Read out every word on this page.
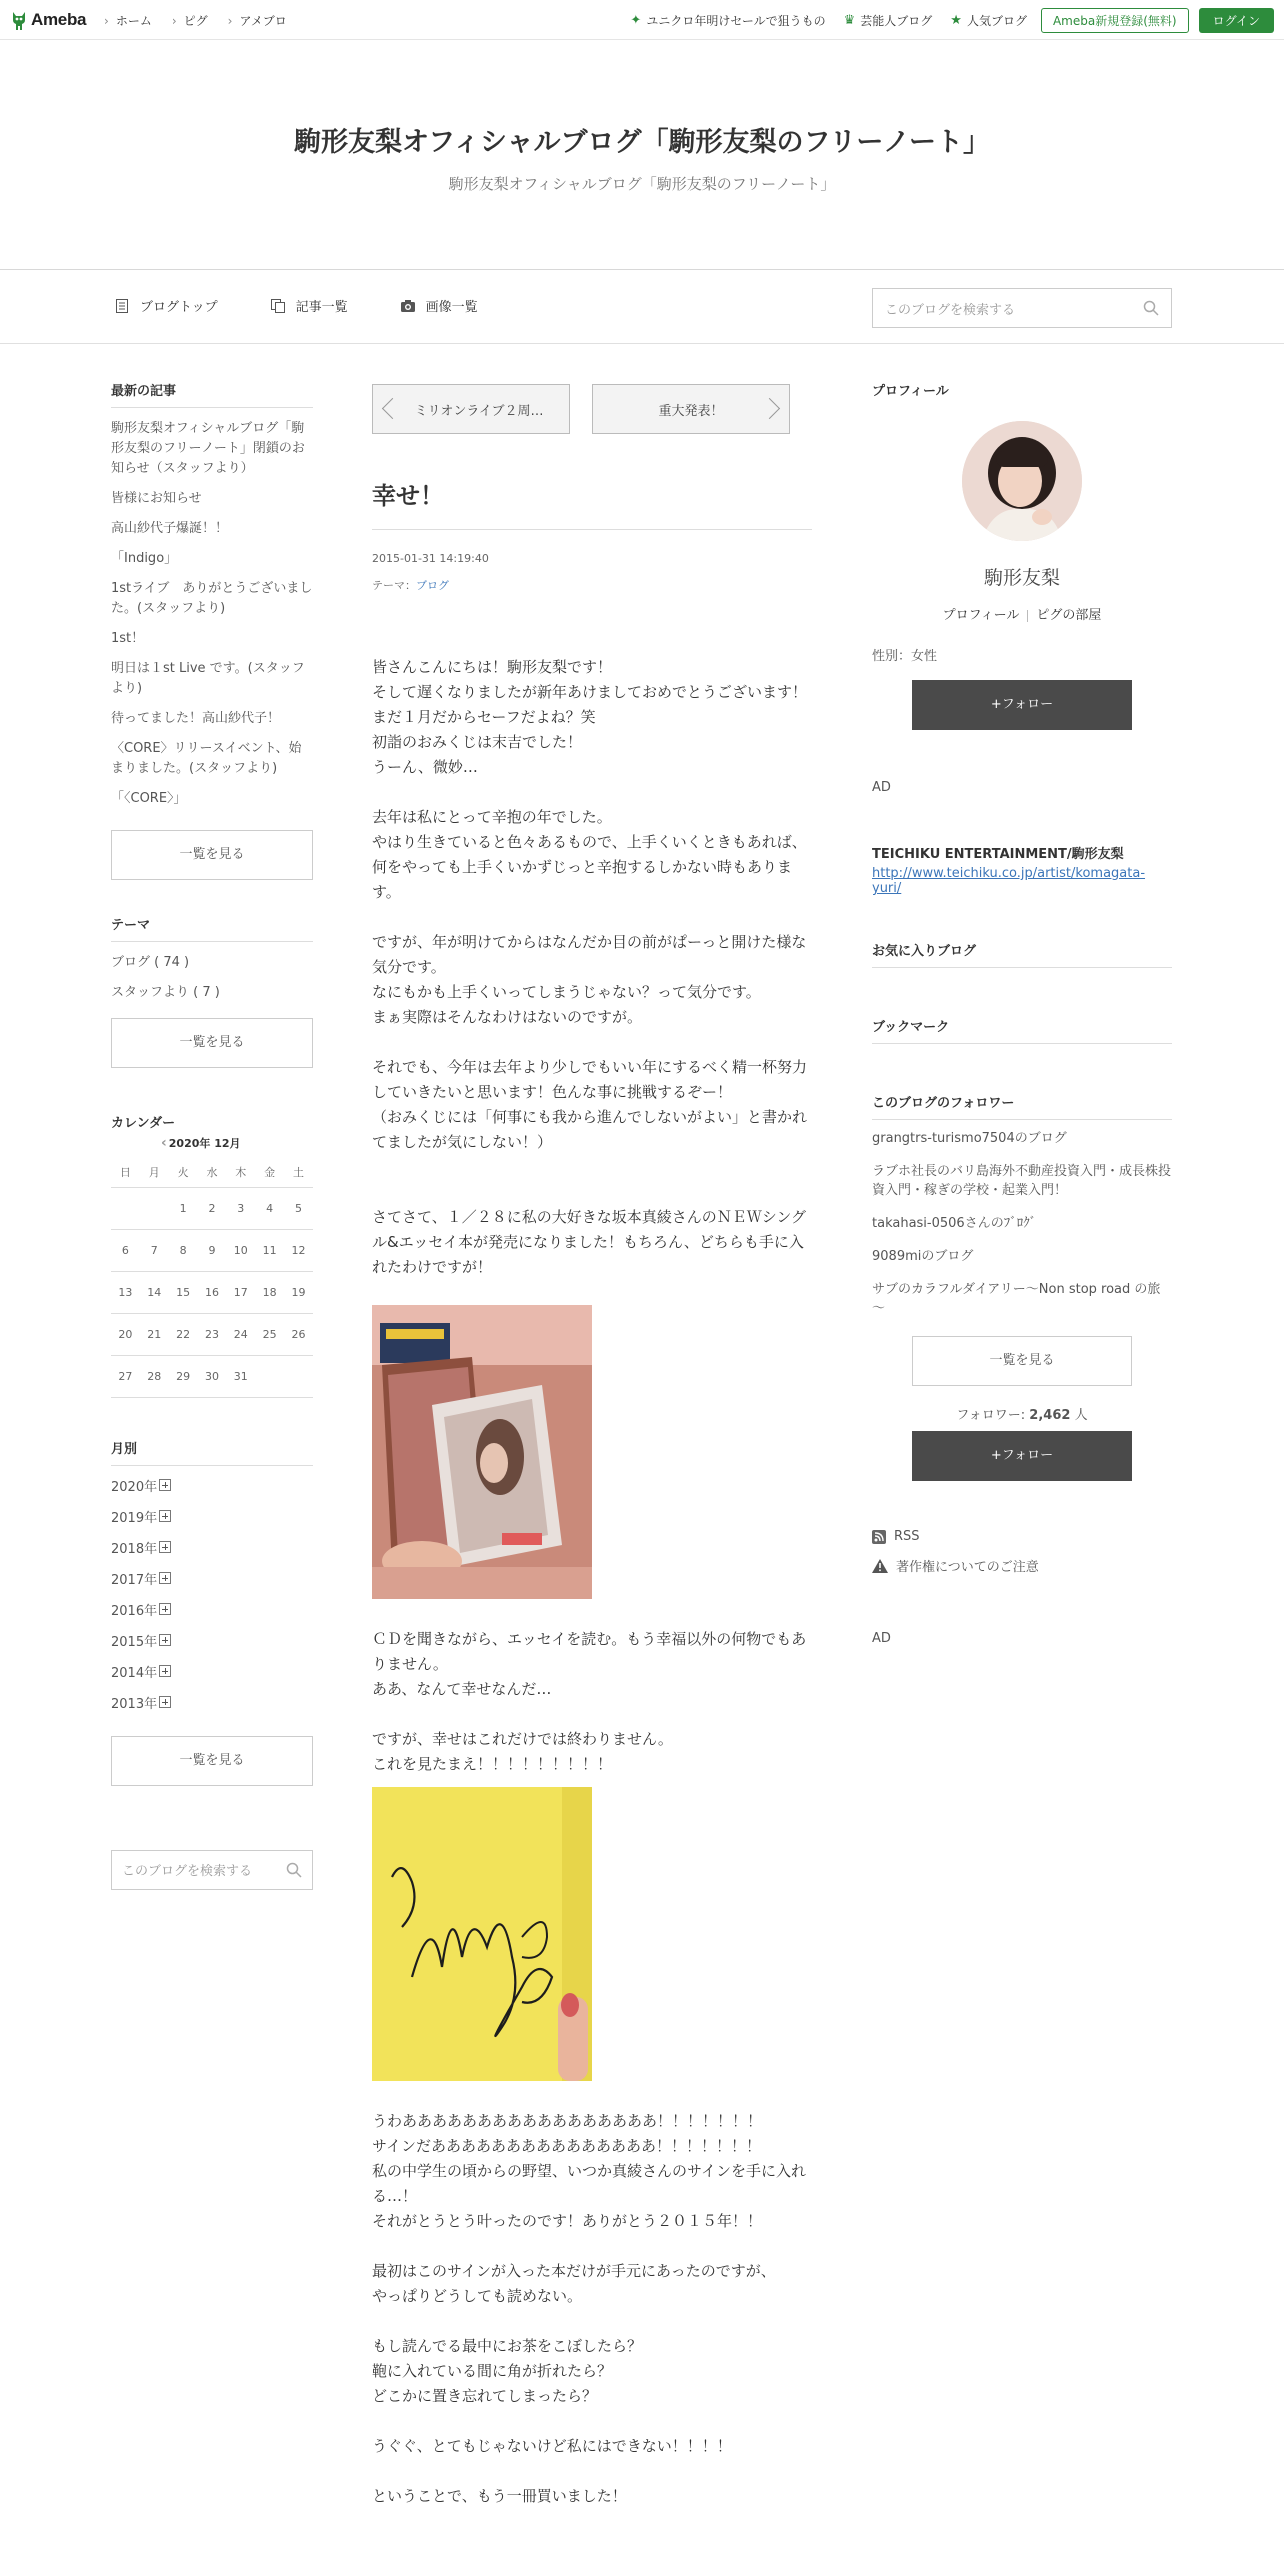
Ameba	› ホーム	› ピグ	› アメブロ	✦ ユニクロ年明けセールで狙うもの ♛ 芸能人ブログ ★ 人気ブログ	Ameba新規登録(無料)	ログイン
駒形友梨オフィシャルブログ「駒形友梨のフリーノート」
駒形友梨オフィシャルブログ「駒形友梨のフリーノート」
ブログトップ	記事一覧	画像一覧	このブログを検索する
最新の記事
駒形友梨オフィシャルブログ「駒形友梨のフリーノート」閉鎖のお知らせ（スタッフより）
皆様にお知らせ
高山紗代子爆誕！！
「Indigo」
1stライブ　ありがとうございました。(スタッフより)
1st！
明日は１st Live です。(スタッフより)
待ってました！高山紗代子！
〈CORE〉リリースイベント、始まりました。(スタッフより)
「〈CORE〉」
一覧を見る
テーマ
ブログ ( 74 )
スタッフより ( 7 )
一覧を見る
カレンダー
‹ 2020年 12月
日	月	火	水	木	金	土
		1	2	3	4	5
6	7	8	9	10	11	12
13	14	15	16	17	18	19
20	21	22	23	24	25	26
27	28	29	30	31		
月別
2020年
2019年
2018年
2017年
2016年
2015年
2014年
2013年
一覧を見る
このブログを検索する
ミリオンライブ２周…	重大発表！
幸せ！
2015-01-31 14:19:40
テーマ：ブログ
皆さんこんにちは！駒形友梨です！
そして遅くなりましたが新年あけましておめでとうございます！
まだ１月だからセーフだよね？笑
初詣のおみくじは末吉でした！
うーん、微妙…
去年は私にとって辛抱の年でした。
やはり生きていると色々あるもので、上手くいくときもあれば、
何をやっても上手くいかずじっと辛抱するしかない時もあります。
ですが、年が明けてからはなんだか目の前がぱーっと開けた様な気分です。
なにもかも上手くいってしまうじゃない？って気分です。
まぁ実際はそんなわけはないのですが。
それでも、今年は去年より少しでもいい年にするべく精一杯努力していきたいと思います！色んな事に挑戦するぞー！
（おみくじには「何事にも我から進んでしないがよい」と書かれてましたが気にしない！）
さてさて、１／２８に私の大好きな坂本真綾さんのＮＥＷシングル&エッセイ本が発売になりました！もちろん、どちらも手に入れたわけですが！
ＣＤを聞きながら、エッセイを読む。もう幸福以外の何物でもありません。
ああ、なんて幸せなんだ…
ですが、幸せはこれだけでは終わりません。
これを見たまえ！！！！！！！！！
うわあああああああああああああああああ！！！！！！！
サインだあああああああああああああああ！！！！！！！
私の中学生の頃からの野望、いつか真綾さんのサインを手に入れる…！
それがとうとう叶ったのです！ありがとう２０１５年！！
最初はこのサインが入った本だけが手元にあったのですが、
やっぱりどうしても読めない。
もし読んでる最中にお茶をこぼしたら？
鞄に入れている間に角が折れたら？
どこかに置き忘れてしまったら？
うぐぐ、とてもじゃないけど私にはできない！！！！
ということで、もう一冊買いました！
プロフィール
駒形友梨
プロフィール ピグの部屋
性別：女性
+フォロー
AD
TEICHIKU ENTERTAINMENT/駒形友梨
http://www.teichiku.co.jp/artist/komagata-yuri/
お気に入りブログ
ブックマーク
このブログのフォロワー
grangtrs-turismo7504のブログ
ラブホ社長のバリ島海外不動産投資入門・成長株投資入門・稼ぎの学校・起業入門！
takahasi-0506さんのﾌﾞﾛｸﾞ
9089miのブログ
サブのカラフルダイアリー～Non stop road の旅～
一覧を見る
フォロワー: 2,462 人
+フォロー
RSS
著作権についてのご注意
AD
